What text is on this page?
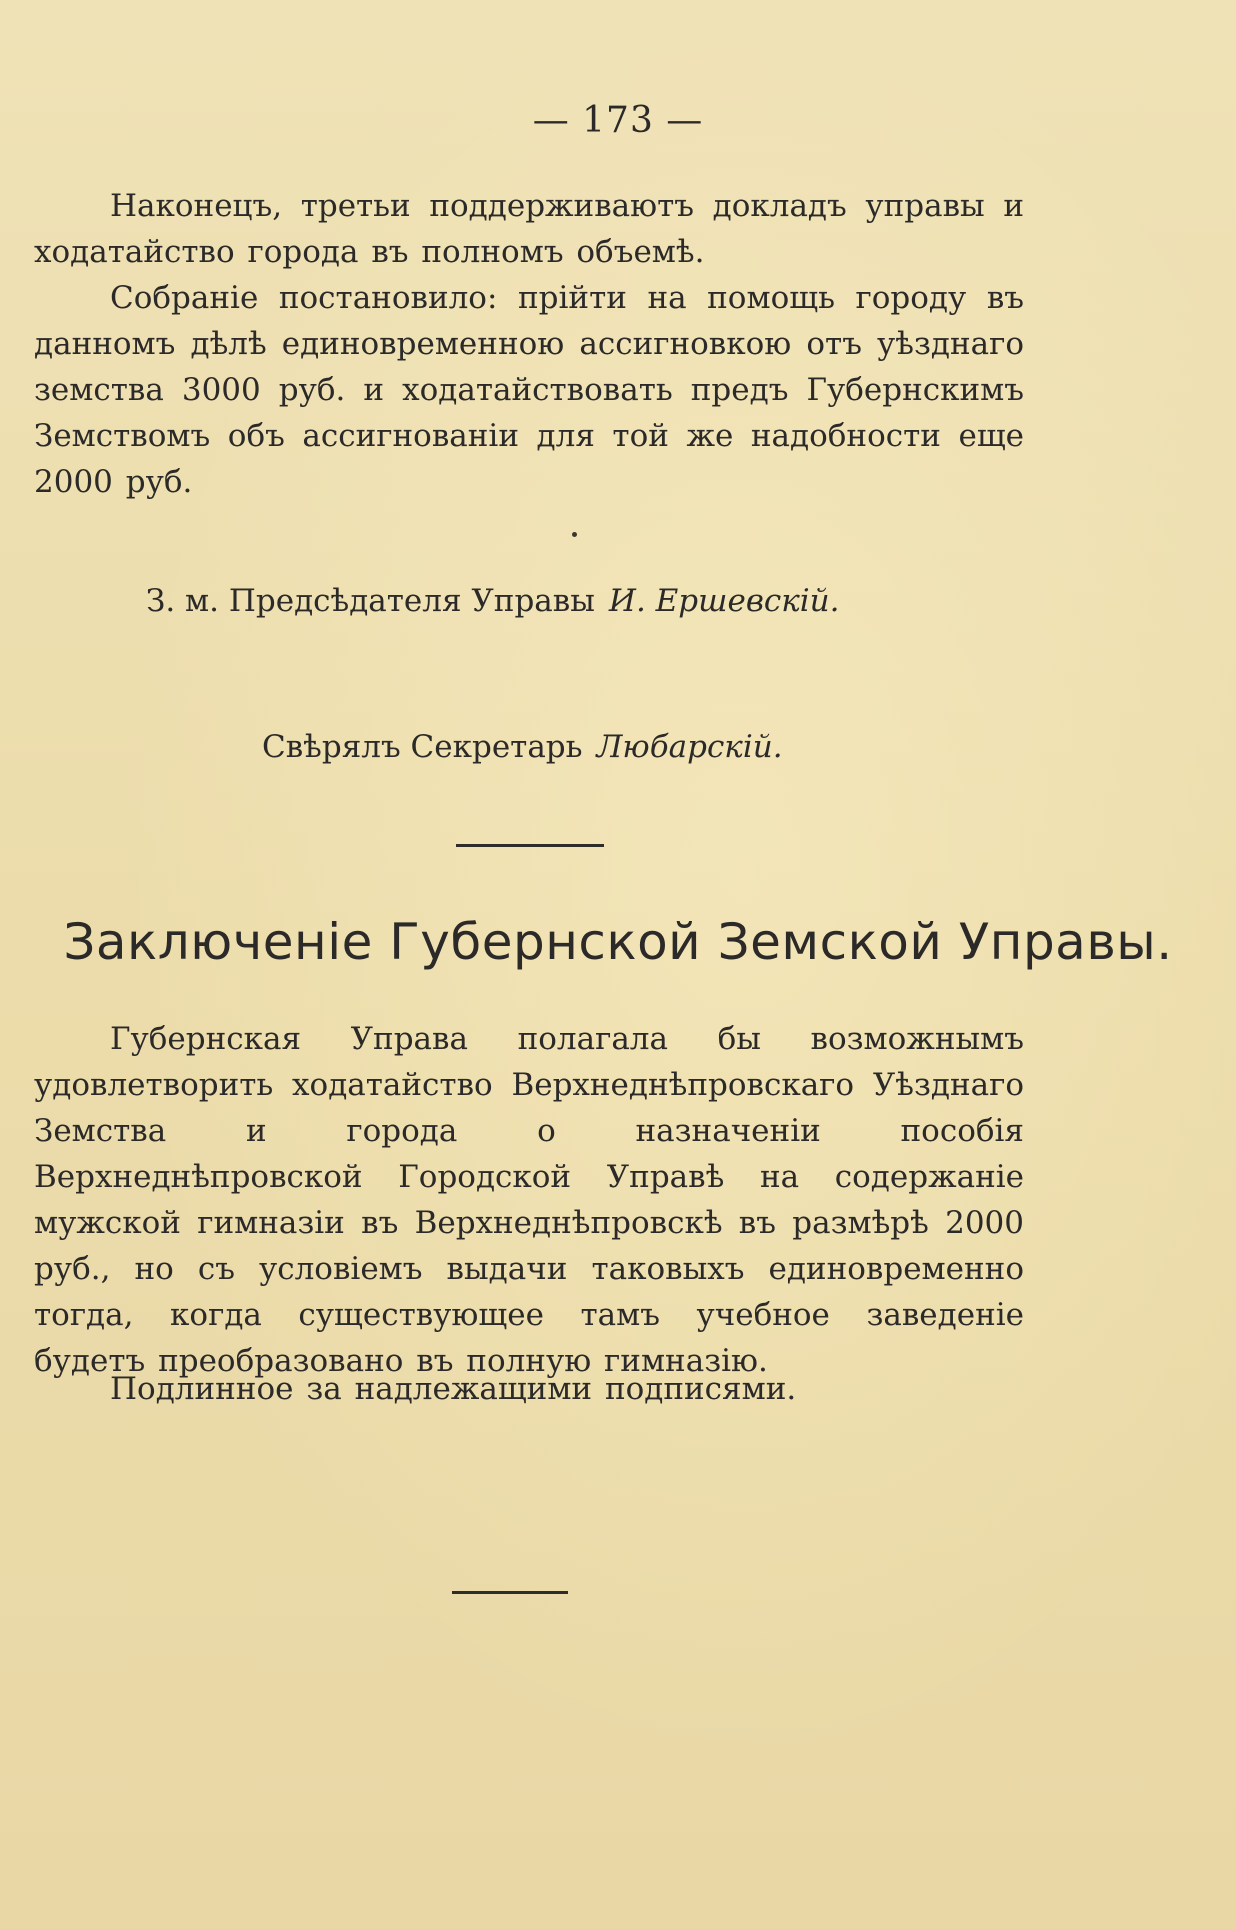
— 173 —

Наконецъ, третьи поддерживаютъ докладъ управы и ходатайство города въ полномъ объемѣ.

Собраніе постановило: прійти на помощь городу въ данномъ дѣлѣ единовременною ассигновкою отъ уѣзднаго земства 3000 руб. и ходатайствовать предъ Губернскимъ Земствомъ объ ассигнованіи для той же надобности еще 2000 руб.

З. м. Предсѣдателя Управы И. Ершевскій.
Свѣрялъ Секретарь Любарскій.
Заключеніе Губернской Земской Управы.

Губернская Управа полагала бы возможнымъ удовлетворить ходатайство Верхнеднѣпровскаго Уѣзднаго Земства и города о назначеніи пособія Верхнеднѣпровской Городской Управѣ на содержаніе мужской гимназіи въ Верхнеднѣпровскѣ въ размѣрѣ 2000 руб., но съ условіемъ выдачи таковыхъ единовременно тогда, когда существующее тамъ учебное заведеніе будетъ преобразовано въ полную гимназію.

Подлинное за надлежащими подписями.
